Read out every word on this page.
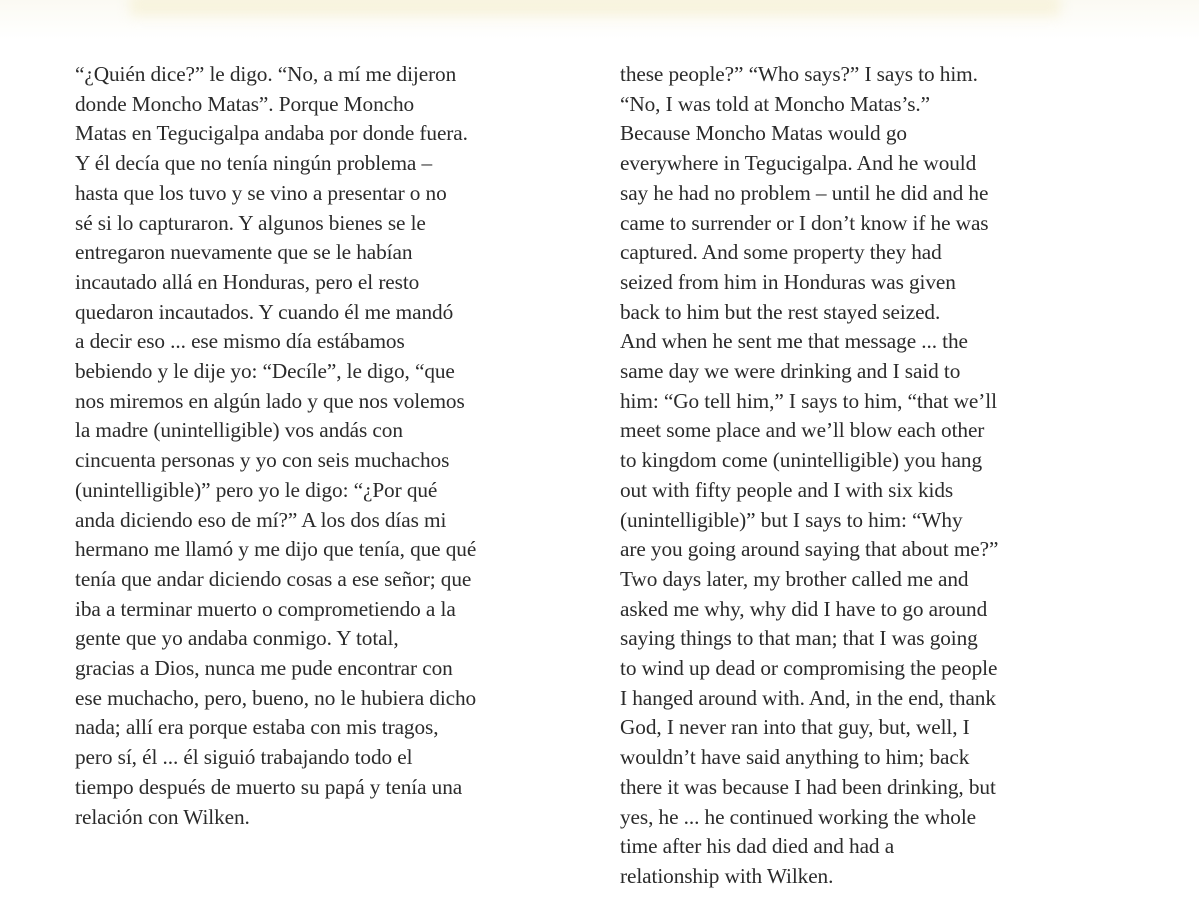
“¿Quién dice?” le digo. “No, a mí me dijeron
donde Moncho Matas”. Porque Moncho
Matas en Tegucigalpa andaba por donde fuera.
Y él decía que no tenía ningún problema –
hasta que los tuvo y se vino a presentar o no
sé si lo capturaron. Y algunos bienes se le
entregaron nuevamente que se le habían
incautado allá en Honduras, pero el resto
quedaron incautados. Y cuando él me mandó
a decir eso ... ese mismo día estábamos
bebiendo y le dije yo: “Decíle”, le digo, “que
nos miremos en algún lado y que nos volemos
la madre (unintelligible) vos andás con
cincuenta personas y yo con seis muchachos
(unintelligible)” pero yo le digo: “¿Por qué
anda diciendo eso de mí?” A los dos días mi
hermano me llamó y me dijo que tenía, que qué
tenía que andar diciendo cosas a ese señor; que
iba a terminar muerto o comprometiendo a la
gente que yo andaba conmigo. Y total,
gracias a Dios, nunca me pude encontrar con
ese muchacho, pero, bueno, no le hubiera dicho
nada; allí era porque estaba con mis tragos,
pero sí, él ... él siguió trabajando todo el
tiempo después de muerto su papá y tenía una
relación con Wilken.
these people?” “Who says?” I says to him.
“No, I was told at Moncho Matas’s.”
Because Moncho Matas would go
everywhere in Tegucigalpa. And he would
say he had no problem – until he did and he
came to surrender or I don’t know if he was
captured. And some property they had
seized from him in Honduras was given
back to him but the rest stayed seized.
And when he sent me that message ... the
same day we were drinking and I said to
him: “Go tell him,” I says to him, “that we’ll
meet some place and we’ll blow each other
to kingdom come (unintelligible) you hang
out with fifty people and I with six kids
(unintelligible)” but I says to him: “Why
are you going around saying that about me?”
Two days later, my brother called me and
asked me why, why did I have to go around
saying things to that man; that I was going
to wind up dead or compromising the people
I hanged around with. And, in the end, thank
God, I never ran into that guy, but, well, I
wouldn’t have said anything to him; back
there it was because I had been drinking, but
yes, he ... he continued working the whole
time after his dad died and had a
relationship with Wilken.
